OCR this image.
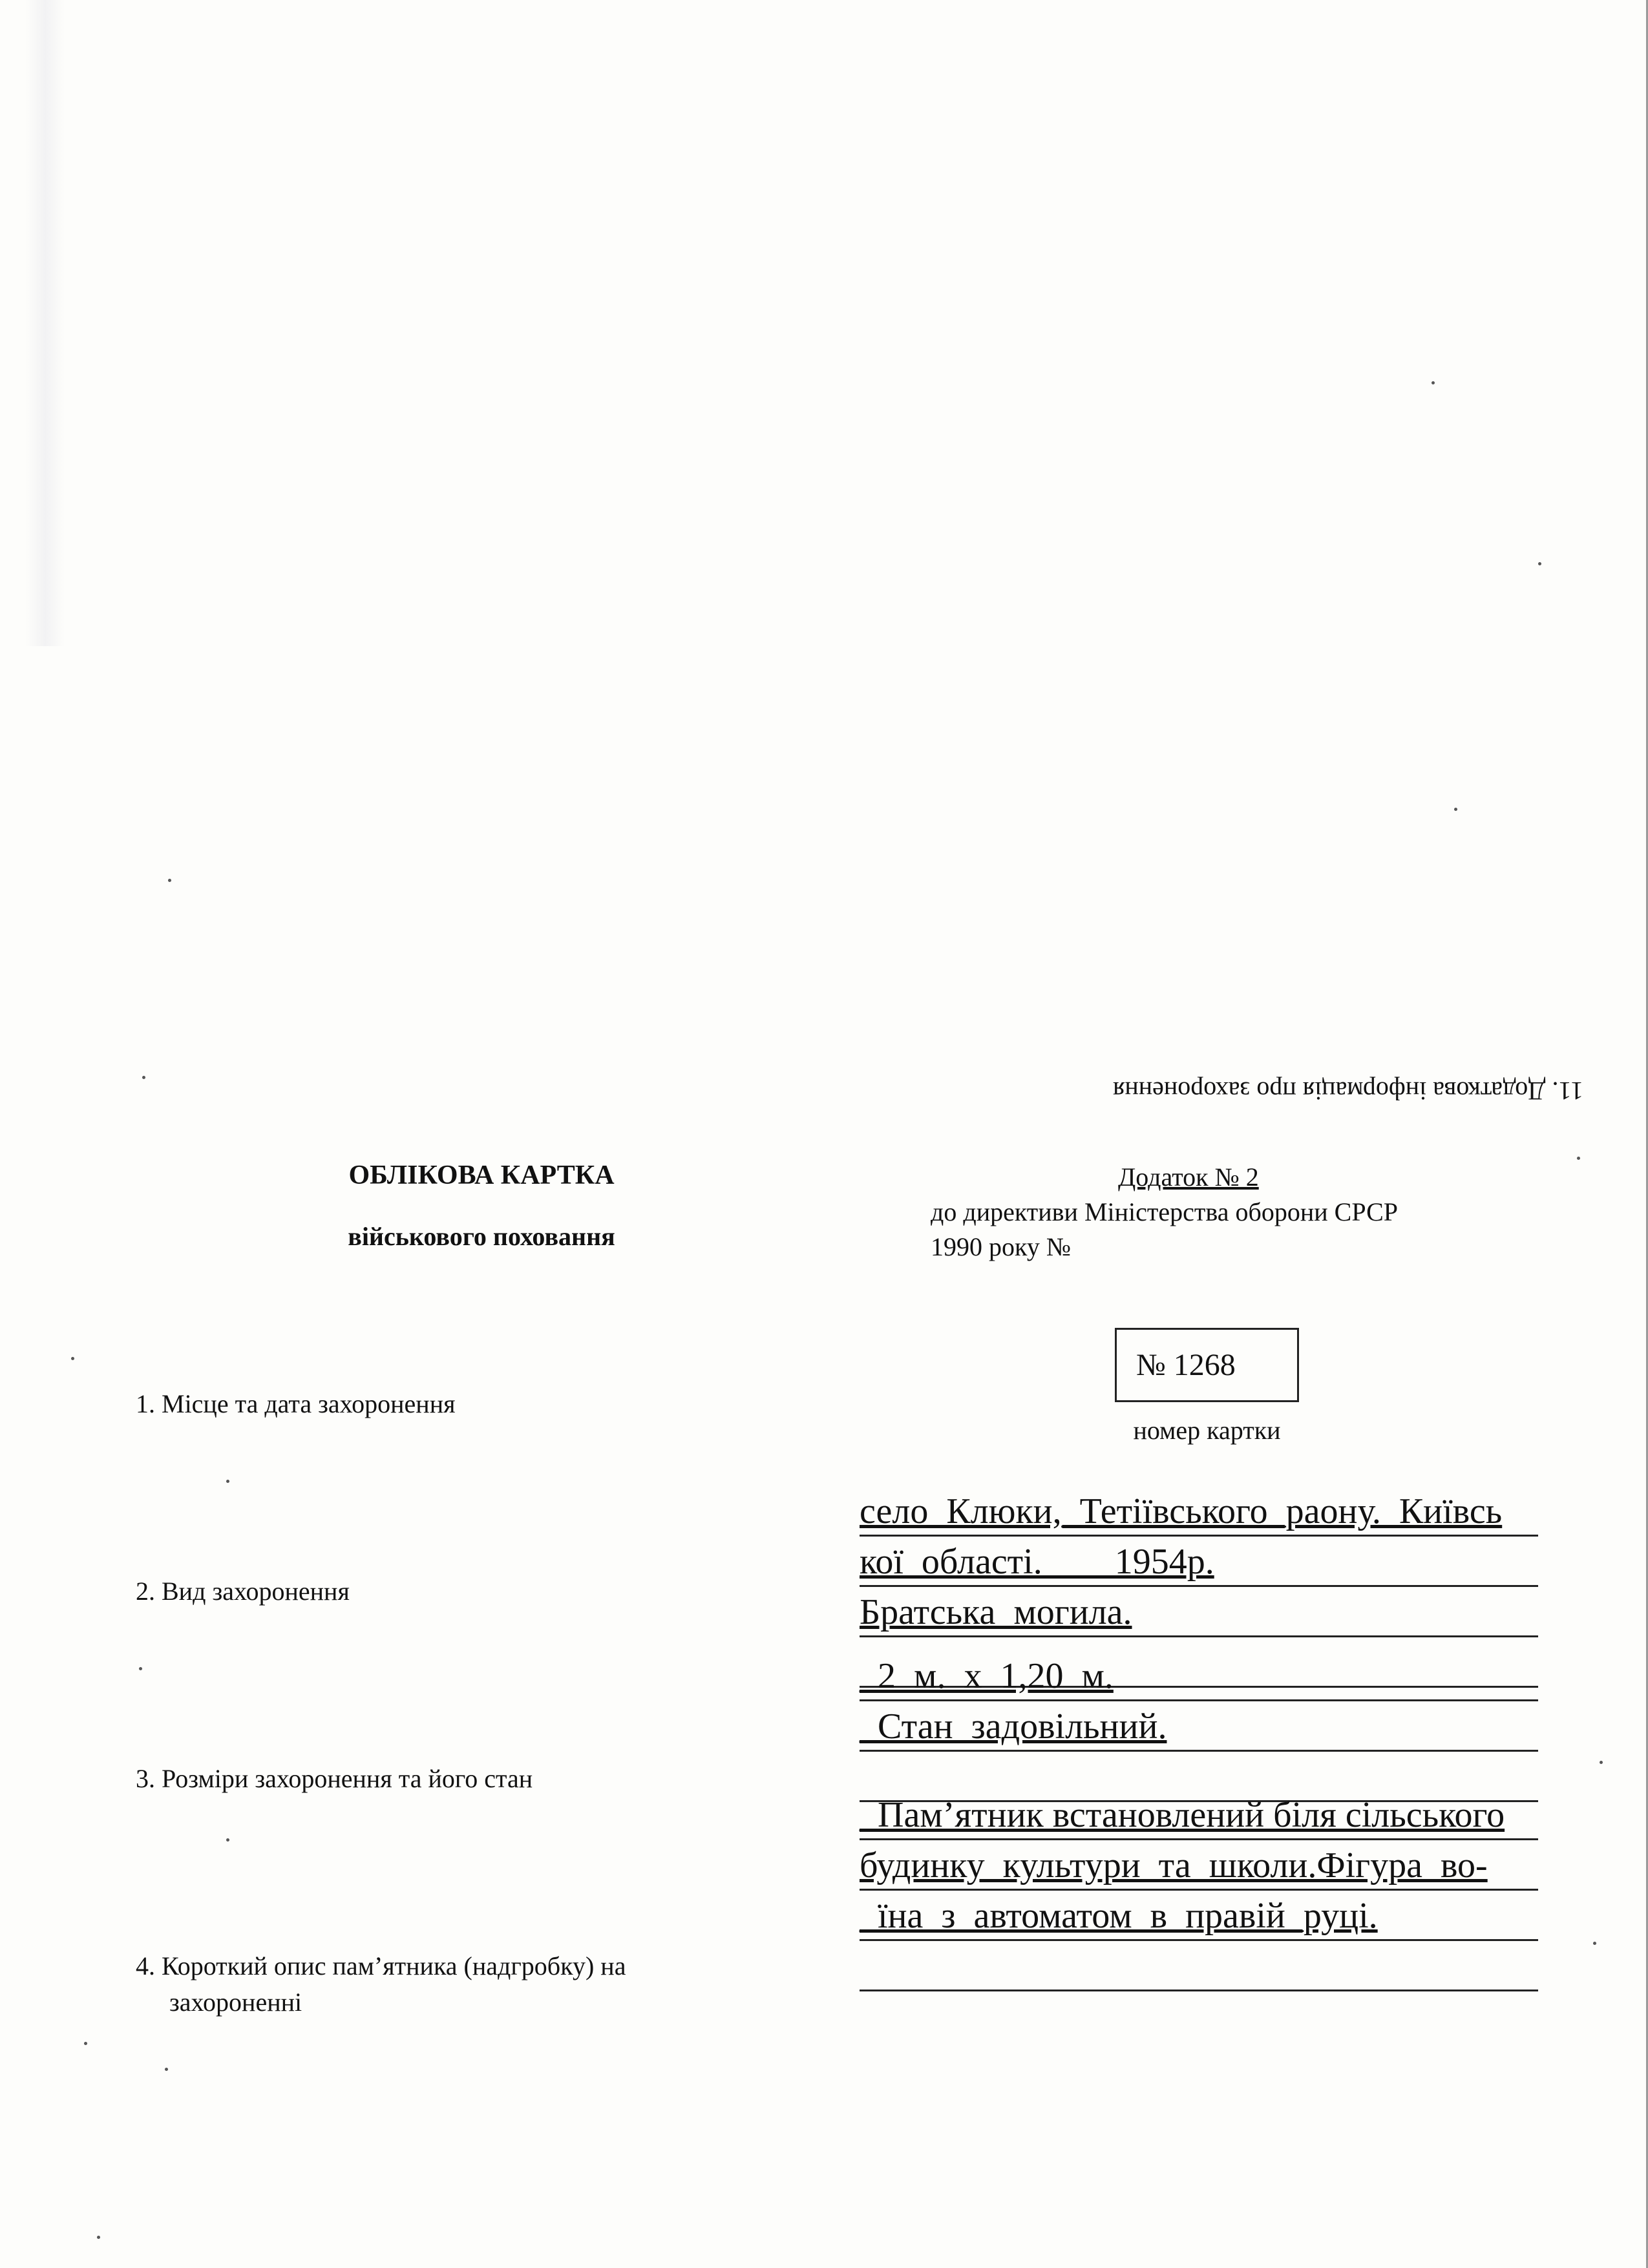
11. Додаткова інформація про захоронення
ОБЛІКОВА КАРТКА
військового поховання
Додаток № 2
до директиви Міністерства оборони СРСР
1990 року №
№ 1268
номер картки
1. Місце та дата захоронення
2. Вид захоронення
3. Розміри захоронення та його стан
4. Короткий опис пам’ятника (надгробку) на
захороненні
село_Клюки,_Тетіївського_раону._Київсь
кої_області.____1954р.
Братська_могила.
_2_м._х_1,20_м.
_Стан_задовільний.
_Пам’ятник встановлений біля сільського
будинку_культури_та_школи.Фігура_во-
_їна_з_автоматом_в_правій_руці.
